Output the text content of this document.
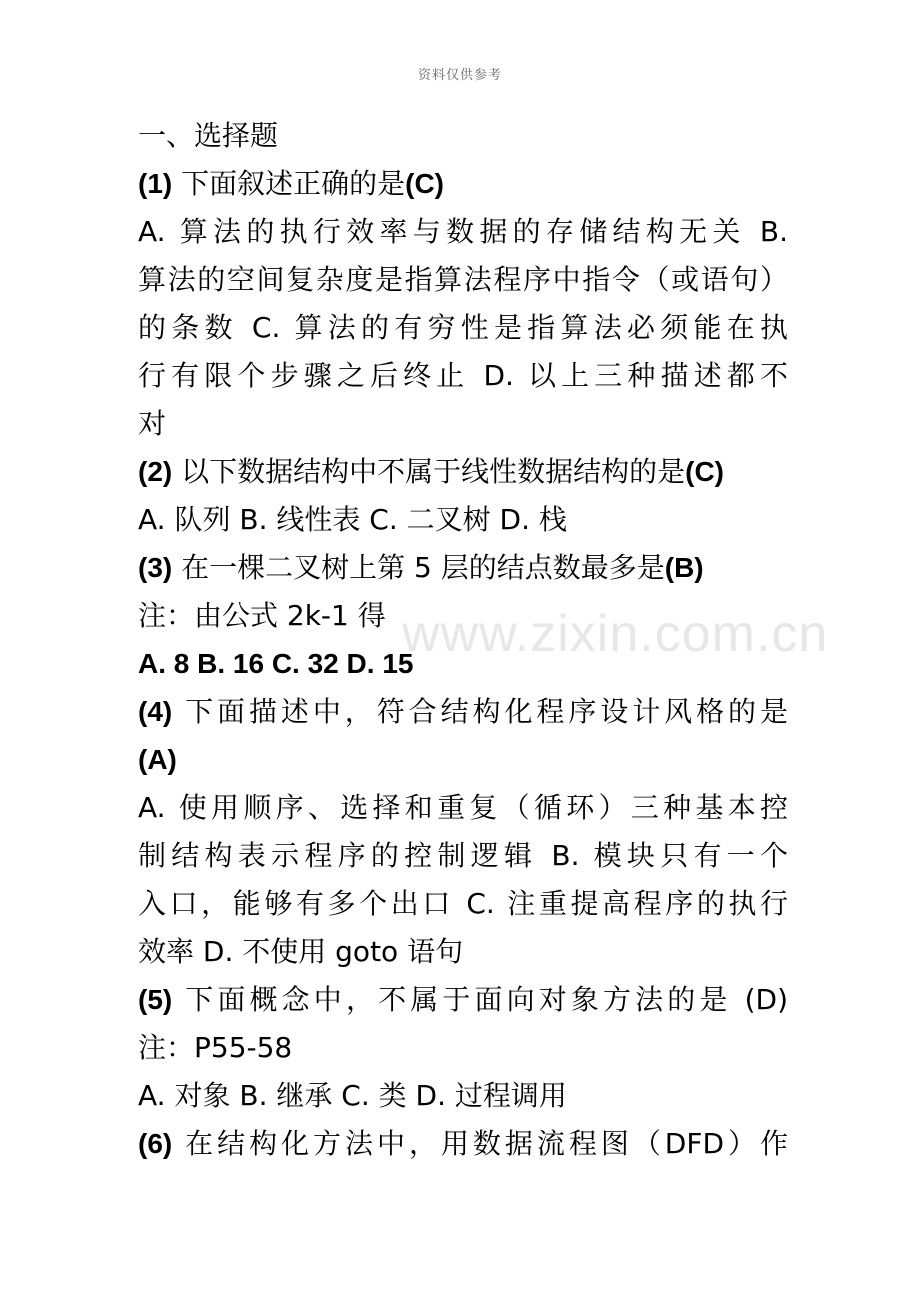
资料仅供参考
一、选择题
(1) 下面叙述正确的是(C)
A. 算法的执行效率与数据的存储结构无关 B.
算法的空间复杂度是指算法程序中指令（或语句）
的条数 C. 算法的有穷性是指算法必须能在执
行有限个步骤之后终止 D. 以上三种描述都不
对
(2) 以下数据结构中不属于线性数据结构的是(C)
A. 队列 B. 线性表 C. 二叉树 D. 栈
(3) 在一棵二叉树上第 5 层的结点数最多是(B)
注：由公式 2k-1 得
A. 8 B. 16 C. 32 D. 15
(4) 下面描述中，符合结构化程序设计风格的是
(A)
A. 使用顺序、选择和重复（循环）三种基本控
制结构表示程序的控制逻辑 B. 模块只有一个
入口，能够有多个出口 C. 注重提高程序的执行
效率 D. 不使用 goto 语句
(5) 下面概念中，不属于面向对象方法的是 (D)
注：P55-58
A. 对象 B. 继承 C. 类 D. 过程调用
(6) 在结构化方法中，用数据流程图（DFD）作
www.zixin.com.cn
